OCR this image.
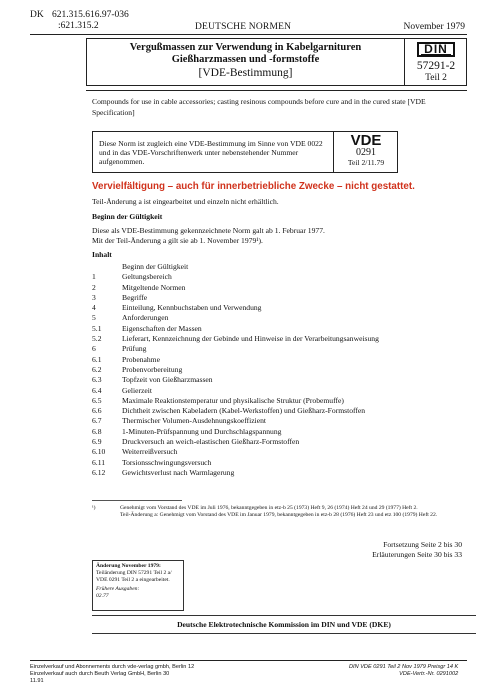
DK 621.315.616.97-036
:621.315.2	DEUTSCHE NORMEN	November 1979
Vergußmassen zur Verwendung in Kabelgarnituren
Gießharzmassen und -formstoffe
[VDE-Bestimmung]
DIN
57291-2
Teil 2
Compounds for use in cable accessories; casting resinous compounds before cure and in the cured state [VDE Specification]
Diese Norm ist zugleich eine VDE-Bestimmung im Sinne von VDE 0022 und in das VDE-Vorschriftenwerk unter nebenstehender Nummer aufgenommen.
VDE
0291
Teil 2/11.79
Vervielfältigung – auch für innerbetriebliche Zwecke – nicht gestattet.
Teil-Änderung a ist eingearbeitet und einzeln nicht erhältlich.
Beginn der Gültigkeit
Diese als VDE-Bestimmung gekennzeichnete Norm galt ab 1. Februar 1977.
Mit der Teil-Änderung a gilt sie ab 1. November 1979¹).
Inhalt
Beginn der Gültigkeit
1	Geltungsbereich
2	Mitgeltende Normen
3	Begriffe
4	Einteilung, Kennbuchstaben und Verwendung
5	Anforderungen
5.1	Eigenschaften der Massen
5.2	Lieferart, Kennzeichnung der Gebinde und Hinweise in der Verarbeitungsanweisung
6	Prüfung
6.1	Probenahme
6.2	Probenvorbereitung
6.3	Topfzeit von Gießharzmassen
6.4	Gelierzeit
6.5	Maximale Reaktionstemperatur und physikalische Struktur (Probemuffe)
6.6	Dichtheit zwischen Kabeladern (Kabel-Werkstoffen) und Gießharz-Formstoffen
6.7	Thermischer Volumen-Ausdehnungskoeffizient
6.8	1-Minuten-Prüfspannung und Durchschlagspannung
6.9	Druckversuch an weich-elastischen Gießharz-Formstoffen
6.10	Weiterreißversuch
6.11	Torsionsschwingungsversuch
6.12	Gewichtsverlust nach Warmlagerung
¹)	Genehmigt vom Vorstand des VDE im Juli 1976, bekanntgegeben in etz-b 25 (1973) Heft 9, 26 (1974) Heft 24 und 29 (1977) Heft 2.
Teil-Änderung a: Genehmigt vom Vorstand des VDE im Januar 1979, bekanntgegeben in etz-b 28 (1976) Heft 23 und etz 100 (1979) Heft 22.
Fortsetzung Seite 2 bis 30
Erläuterungen Seite 30 bis 33
Änderung November 1979:
Teiländerung DIN 57291 Teil 2 a/
VDE 0291 Teil 2 a eingearbeitet.
Frühere Ausgaben:
02.77
Deutsche Elektrotechnische Kommission im DIN und VDE (DKE)
Einzelverkauf und Abonnements durch vde-verlag gmbh, Berlin 12
Einzelverkauf auch durch Beuth Verlag GmbH, Berlin 30
11.91
DIN VDE 0291 Teil 2 Nov 1979 Preisgr 14 K
VDE-Vertr.-Nr. 0291002
